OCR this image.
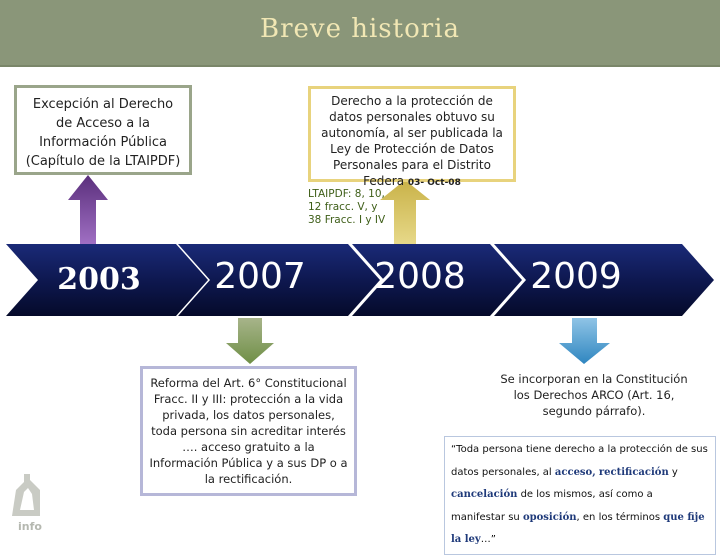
Breve historia
2003	2007 2008 2009
Excepción al Derecho de Acceso a la Información Pública (Capítulo de la LTAIPDF)
Derecho a la protección de datos personales obtuvo su autonomía, al ser publicada la Ley de Protección de Datos Personales para el Distrito Federa 03- Oct-08
LTAIPDF: 8, 10,
12 fracc. V, y
38 Fracc. I y IV
Reforma del Art. 6° Constitucional Fracc. II y III: protección a la vida privada, los datos personales, toda persona sin acreditar interés …. acceso gratuito a la Información Pública y a sus DP o a la rectificación.
Se incorporan en la Constitución los Derechos ARCO (Art. 16, segundo párrafo).
“Toda persona tiene derecho a la protección de sus datos personales, al acceso, rectificación y cancelación de los mismos, así como a manifestar su oposición, en los términos que fije la ley…”
info
